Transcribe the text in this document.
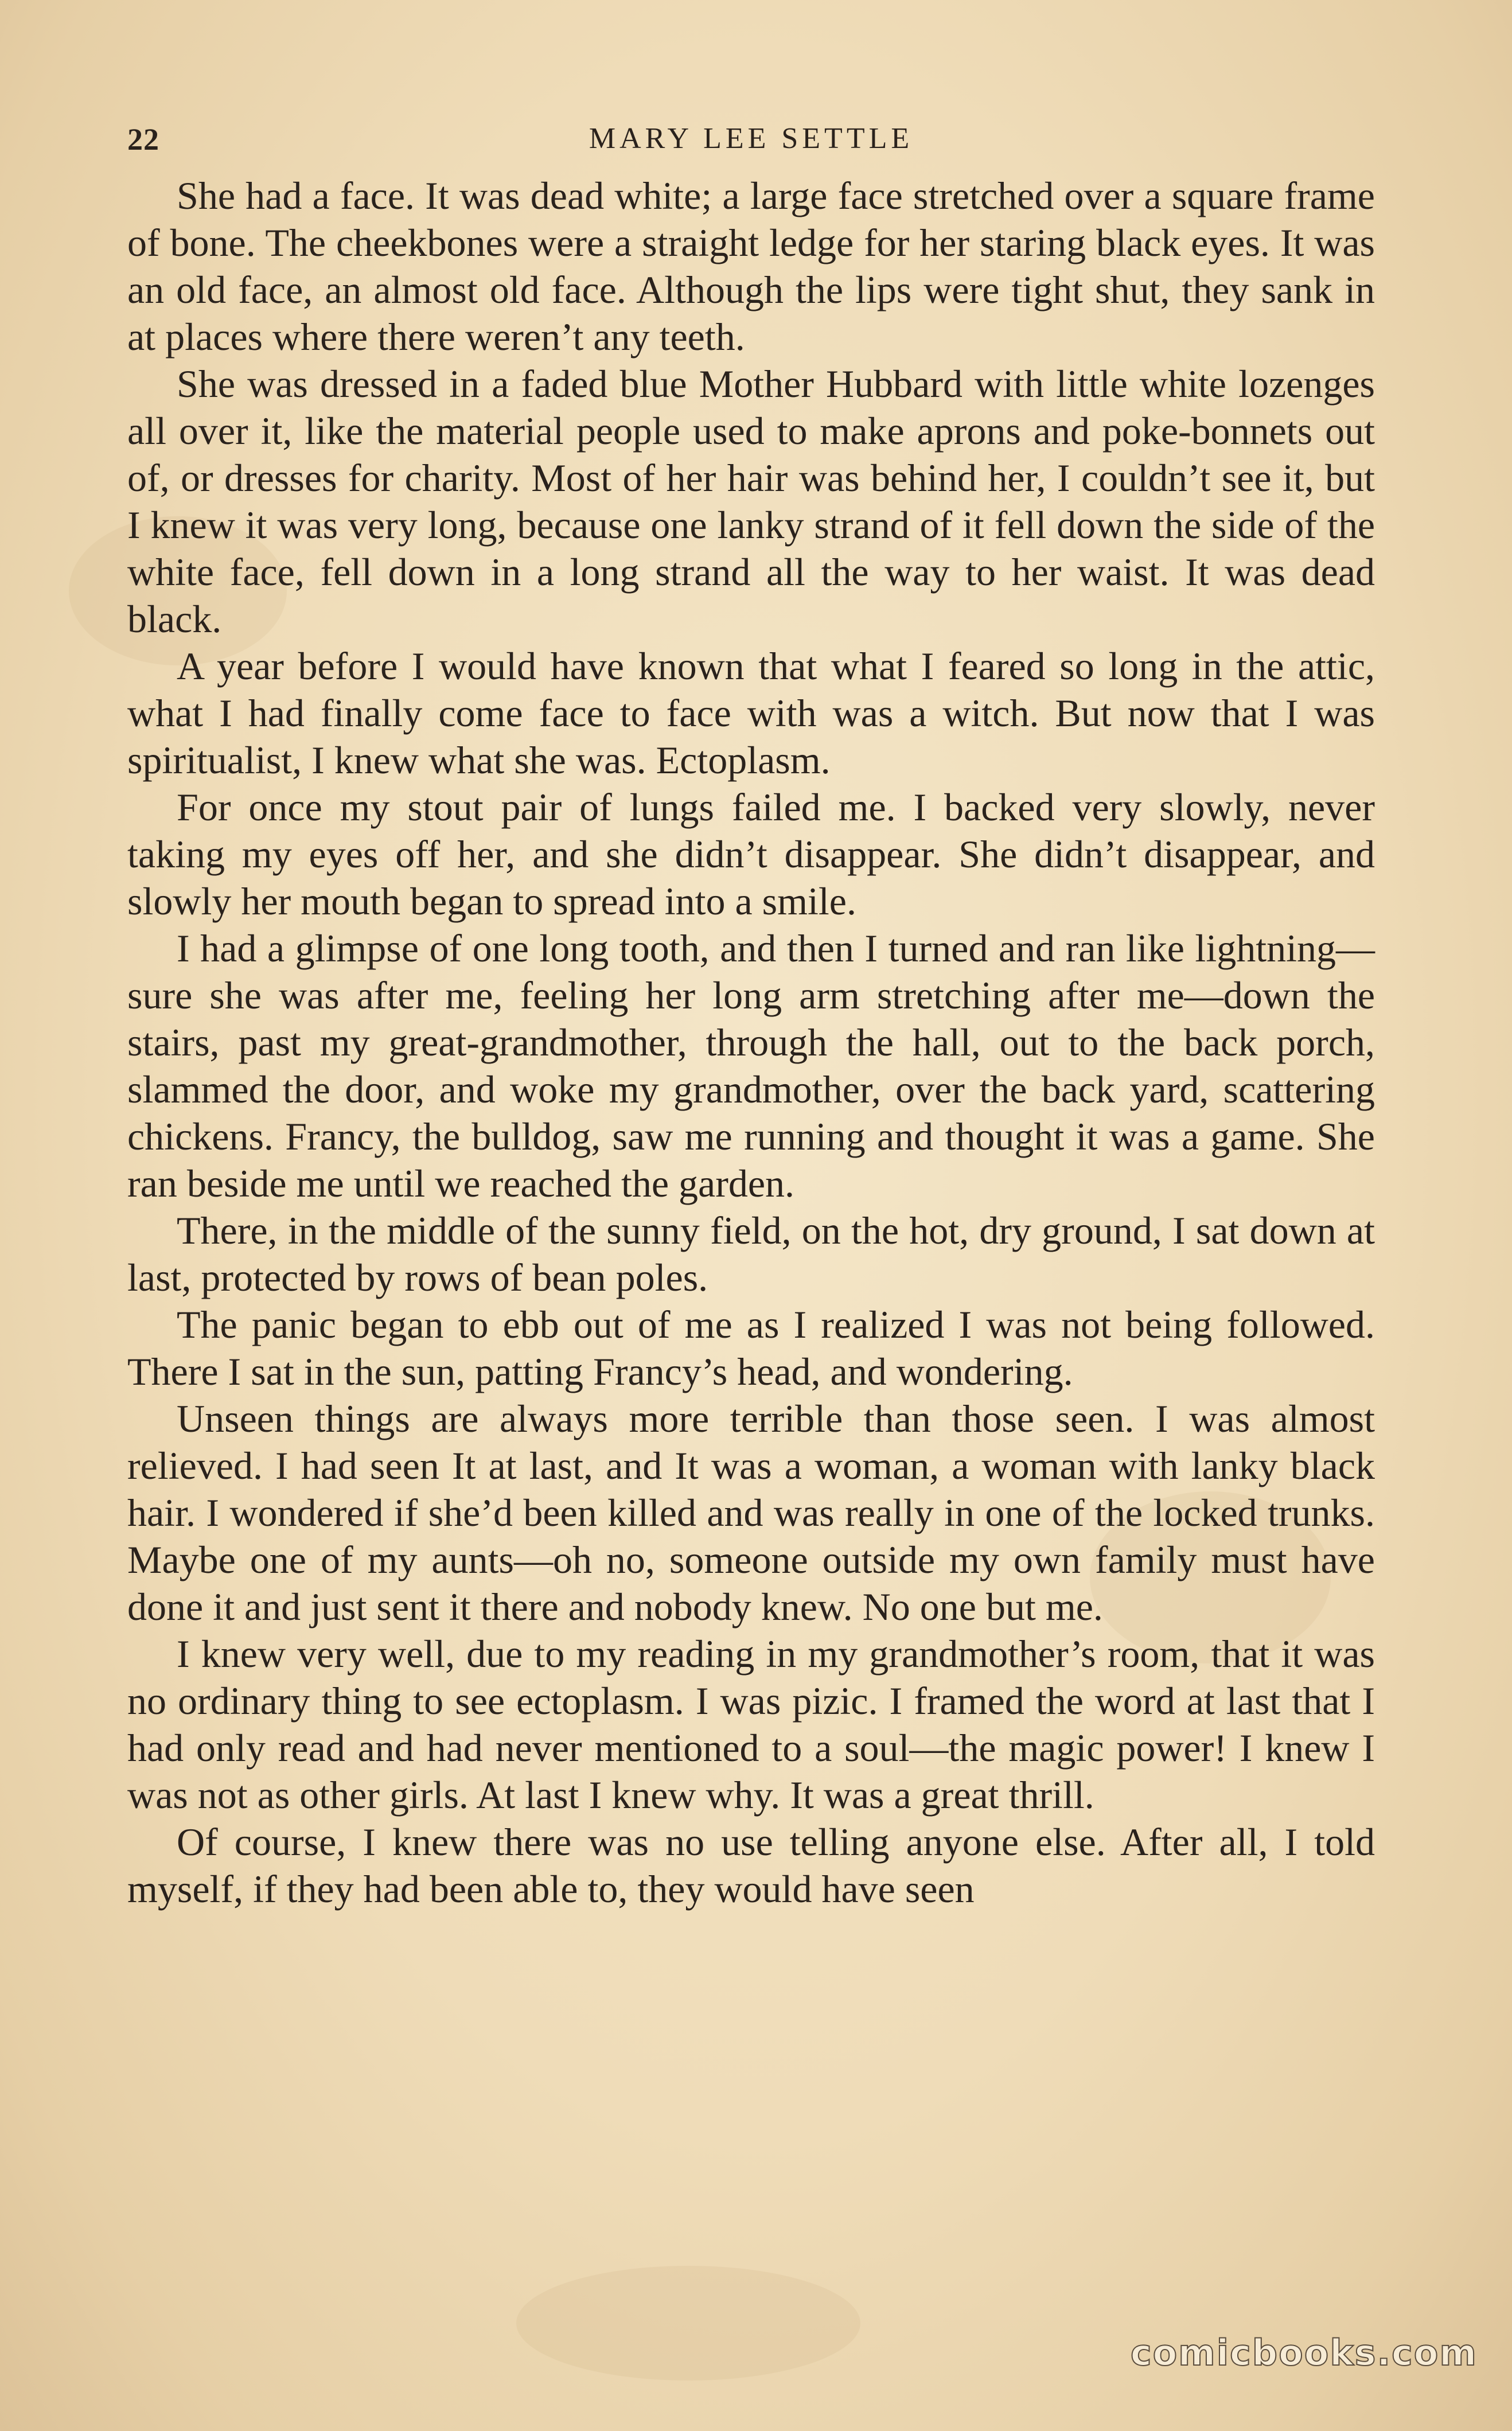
22	MARY LEE SETTLE

She had a face. It was dead white; a large face stretched over a square frame of bone. The cheekbones were a straight ledge for her staring black eyes. It was an old face, an almost old face. Although the lips were tight shut, they sank in at places where there weren’t any teeth.

She was dressed in a faded blue Mother Hubbard with little white lozenges all over it, like the material people used to make aprons and poke-bonnets out of, or dresses for charity. Most of her hair was behind her, I couldn’t see it, but I knew it was very long, because one lanky strand of it fell down the side of the white face, fell down in a long strand all the way to her waist. It was dead black.

A year before I would have known that what I feared so long in the attic, what I had finally come face to face with was a witch. But now that I was spiritualist, I knew what she was. Ectoplasm.

For once my stout pair of lungs failed me. I backed very slowly, never taking my eyes off her, and she didn’t disappear. She didn’t disappear, and slowly her mouth began to spread into a smile.

I had a glimpse of one long tooth, and then I turned and ran like lightning—sure she was after me, feeling her long arm stretching after me—down the stairs, past my great-grandmother, through the hall, out to the back porch, slammed the door, and woke my grandmother, over the back yard, scattering chickens. Francy, the bulldog, saw me running and thought it was a game. She ran beside me until we reached the garden.

There, in the middle of the sunny field, on the hot, dry ground, I sat down at last, protected by rows of bean poles.

The panic began to ebb out of me as I realized I was not being followed. There I sat in the sun, patting Francy’s head, and wondering.

Unseen things are always more terrible than those seen. I was almost relieved. I had seen It at last, and It was a woman, a woman with lanky black hair. I wondered if she’d been killed and was really in one of the locked trunks. Maybe one of my aunts—oh no, someone outside my own family must have done it and just sent it there and nobody knew. No one but me.

I knew very well, due to my reading in my grandmother’s room, that it was no ordinary thing to see ectoplasm. I was pizic. I framed the word at last that I had only read and had never mentioned to a soul—the magic power! I knew I was not as other girls. At last I knew why. It was a great thrill.

Of course, I knew there was no use telling anyone else. After all, I told myself, if they had been able to, they would have seen

comicbooks.com
